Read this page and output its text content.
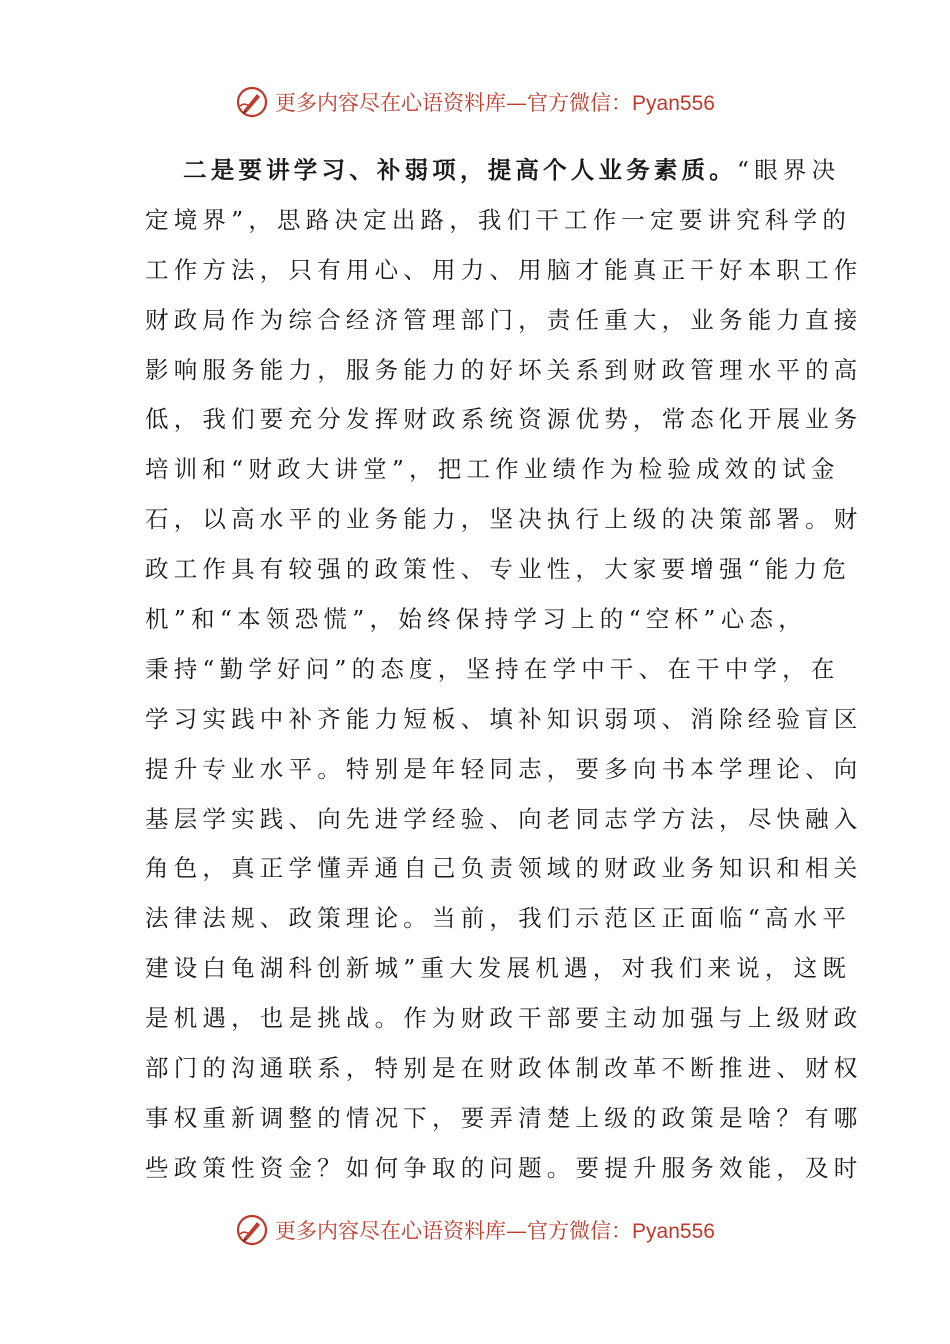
更多内容尽在心语资料库—官方微信：Pyan556
二是要讲学习、补弱项，提高个人业务素质。“眼界决
定境界”，思路决定出路，我们干工作一定要讲究科学的
工作方法，只有用心、用力、用脑才能真正干好本职工作
财政局作为综合经济管理部门，责任重大，业务能力直接
影响服务能力，服务能力的好坏关系到财政管理水平的高
低，我们要充分发挥财政系统资源优势，常态化开展业务
培训和“财政大讲堂”，把工作业绩作为检验成效的试金
石，以高水平的业务能力，坚决执行上级的决策部署。财
政工作具有较强的政策性、专业性，大家要增强“能力危
机”和“本领恐慌”，始终保持学习上的“空杯”心态，
秉持“勤学好问”的态度，坚持在学中干、在干中学，在
学习实践中补齐能力短板、填补知识弱项、消除经验盲区
提升专业水平。特别是年轻同志，要多向书本学理论、向
基层学实践、向先进学经验、向老同志学方法，尽快融入
角色，真正学懂弄通自己负责领域的财政业务知识和相关
法律法规、政策理论。当前，我们示范区正面临“高水平
建设白龟湖科创新城”重大发展机遇，对我们来说，这既
是机遇，也是挑战。作为财政干部要主动加强与上级财政
部门的沟通联系，特别是在财政体制改革不断推进、财权
事权重新调整的情况下，要弄清楚上级的政策是啥？有哪
些政策性资金？如何争取的问题。要提升服务效能，及时
更多内容尽在心语资料库—官方微信：Pyan556
